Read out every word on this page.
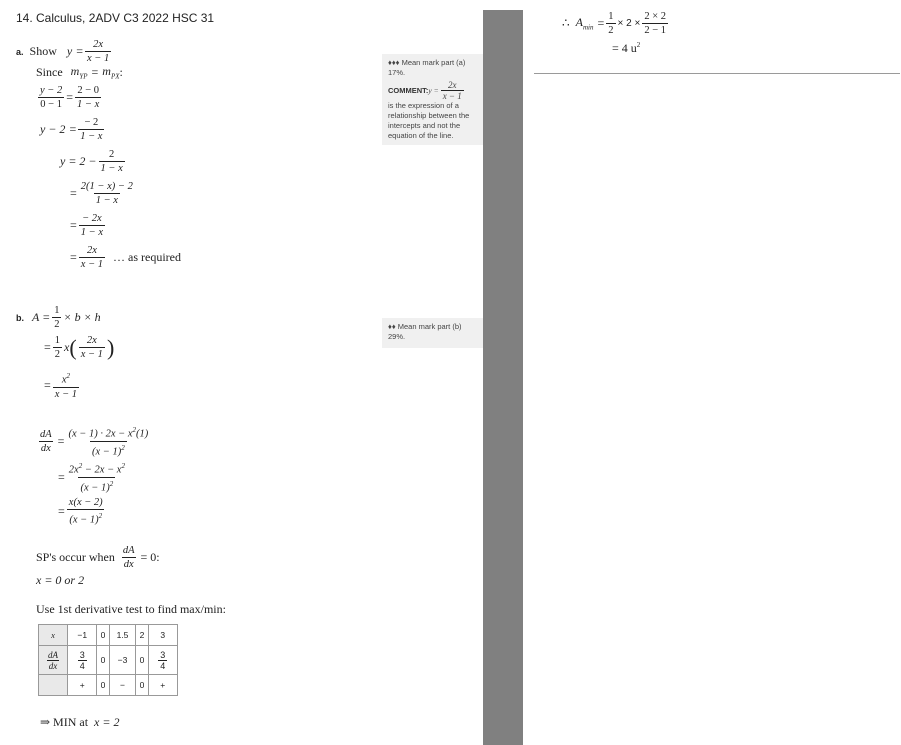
14. Calculus, 2ADV C3 2022 HSC 31
a. Show $y = \frac{2x}{x - 1}$
Since $m_{YP} = m_{PX}$ :
$\frac{y - 2}{0 - 1} = \frac{2 - 0}{1 - x}$
$y - 2 = \frac{- 2}{1 - x}$
$y = 2 - \frac{2}{1 - x}$
= $\frac{2(1 - x) - 2}{1 - x}$
= $\frac{- 2x}{1 - x}$
= $\frac{2x}{x - 1}$ … as required
b. $A = \frac{1}{2} \times b \times h$
= $\frac{1}{2}$ x ( $\frac{2x}{x - 1}$ )
= $\frac{x^2}{x - 1}$
$\frac{dA}{dx} = \frac{(x - 1) \cdot 2x - x^2(1)}{(x - 1)^2}$
= $\frac{2x^2 - 2x - x^2}{(x - 1)^2}$
= $\frac{x(x - 2)}{(x - 1)^2}$
SP's occur when $\frac{dA}{dx} = 0$:
x = 0 or 2
Use 1st derivative test to find max/min:
x	−1	0	1.5	2	3

$\frac{dA}{dx}$	$\frac{3}{4}$	0	−3	0	$\frac{3}{4}$

	+	0	−	0	+
⇒ MIN at x = 2
♦♦♦ Mean mark part (a)
17%.
COMMENT: $y = \frac{2x}{x - 1}$
is the expression of a relationship between the intercepts and not the equation of the line.
♦♦ Mean mark part (b)
29%.
∴ $A_{min} = \frac{1}{2} \times 2 \times \frac{2 \times 2}{2 - 1}$
= 4 $u^2$
